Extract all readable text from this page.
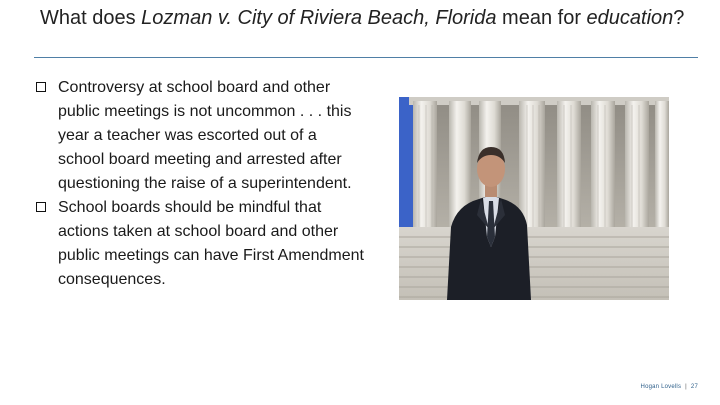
What does Lozman v. City of Riviera Beach, Florida mean for education?
Controversy at school board and other public meetings is not uncommon . . . this year a teacher was escorted out of a school board meeting and arrested after questioning the raise of a superintendent.
School boards should be mindful that actions taken at school board and other public meetings can have First Amendment consequences.
Hogan Lovells | 27
